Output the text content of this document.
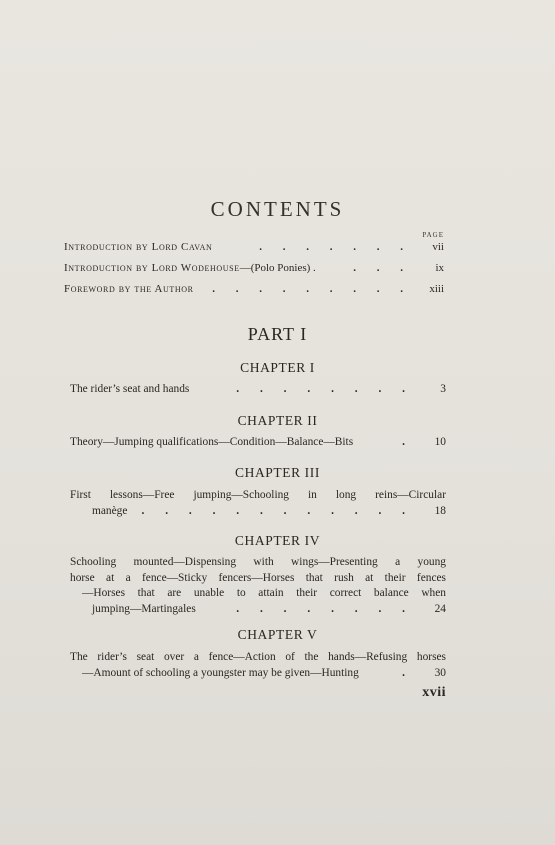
CONTENTS
PAGE
Introduction by Lord Cavan	. . . . . . .	vii
Introduction by Lord Wodehouse—(Polo Ponies) .	. . .	ix
Foreword by the Author	. . . . . . . . .	xiii
PART I
CHAPTER I
The rider’s seat and hands	. . . . . . . .	3
CHAPTER II
Theory—Jumping qualifications—Condition—Balance—Bits	.	10
CHAPTER III
First lessons—Free jumping—Schooling in long reins—Circular
manège	. . . . . . . . . . . .	18
CHAPTER IV
Schooling mounted—Dispensing with wings—Presenting a young
horse at a fence—Sticky fencers—Horses that rush at their fences
—Horses that are unable to attain their correct balance when
jumping—Martingales	. . . . . . . .	24
CHAPTER V
The rider’s seat over a fence—Action of the hands—Refusing horses
—Amount of schooling a youngster may be given—Hunting	.	30
xvii
